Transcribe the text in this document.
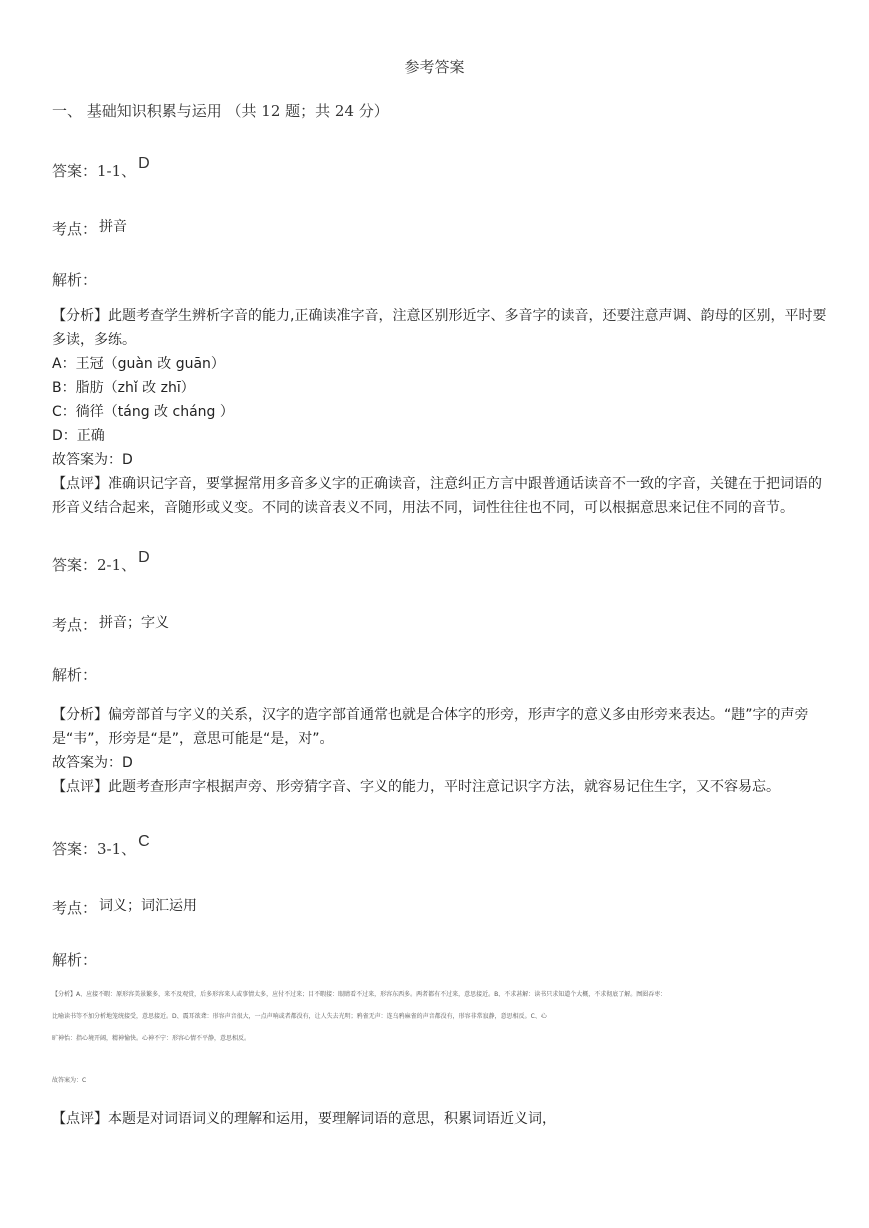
参考答案
一、 基础知识积累与运用 （共 12 题；共 24 分）
答案：1-1、 D
考点： 拼音
解析：
【分析】此题考查学生辨析字音的能力,正确读准字音，注意区别形近字、多音字的读音，还要注意声调、韵母的区别，平时要
多读，多练。
A：王冠（guàn 改 guān）
B：脂肪（zhǐ 改 zhī）
C：徜徉（táng 改 cháng ）
D：正确
故答案为：D
【点评】准确识记字音，要掌握常用多音多义字的正确读音，注意纠正方言中跟普通话读音不一致的字音，关键在于把词语的
形音义结合起来，音随形或义变。不同的读音表义不同，用法不同，词性往往也不同，可以根据意思来记住不同的音节。
答案：2-1、 D
考点： 拼音；字义
解析：
【分析】偏旁部首与字义的关系，汉字的造字部首通常也就是合体字的形旁，形声字的意义多由形旁来表达。“韪”字的声旁
是“韦”，形旁是“是”，意思可能是“是，对”。
故答案为：D
【点评】此题考查形声字根据声旁、形旁猜字音、字义的能力，平时注意记识字方法，就容易记住生字，又不容易忘。
答案：3-1、 C
考点： 词义；词汇运用
解析：
【分析】A、应接不暇：原形容美景繁多，来不及观赏，后多形容来人或事情太多，应付不过来；目不暇接：眼睛看不过来，形容东西多。两者都有不过来，意思接近。B、不求甚解：读书只求知道个大概，不求彻底了解。囫囵吞枣：
比喻读书等不加分析地笼统接受，意思接近。D、震耳欲聋：形容声音很大，一点声响或者都没有，让人失去光明；鸦雀无声：连乌鸦麻雀的声音都没有，形容非常寂静，意思相反。C、心
旷神怡：指心境开阔，精神愉快。心神不宁：形容心情不平静，意思相反。
故答案为：C
【点评】本题是对词语词义的理解和运用，要理解词语的意思，积累词语近义词，
